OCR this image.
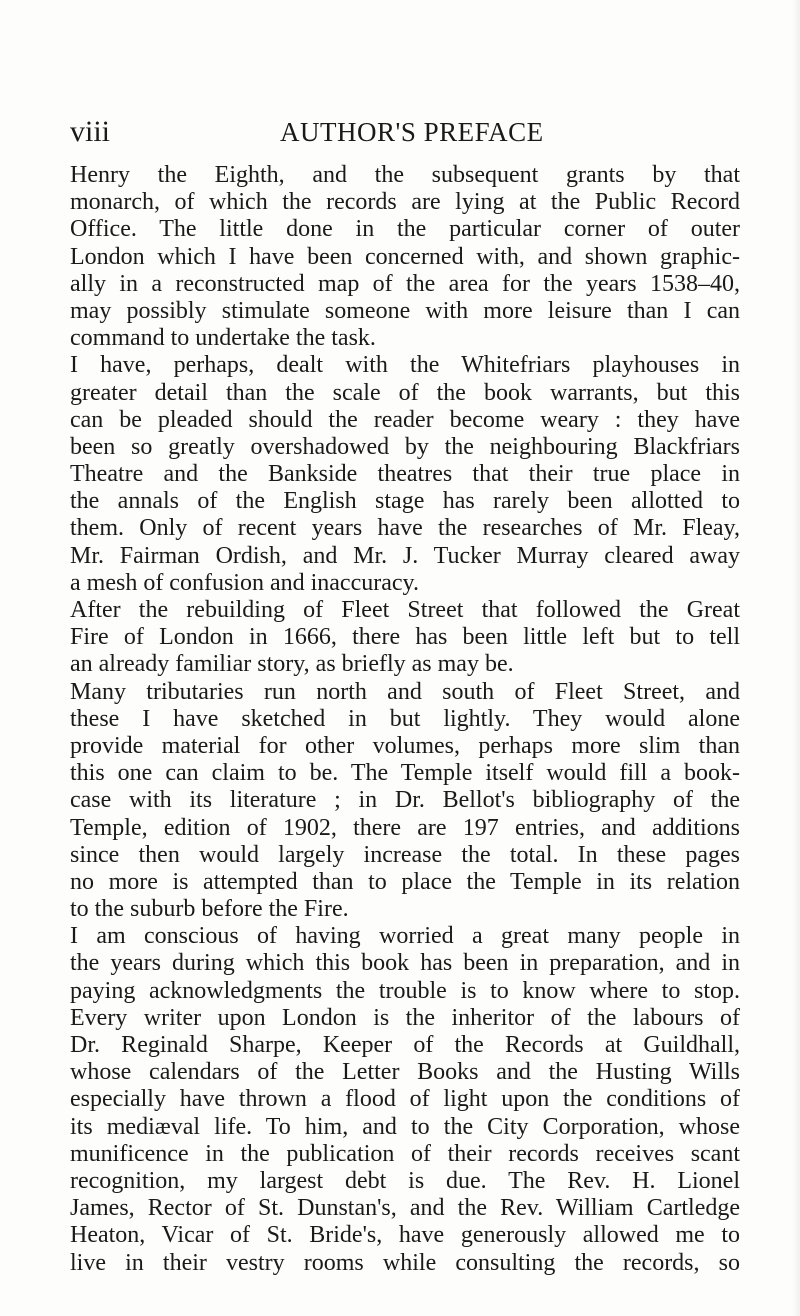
viii	AUTHOR'S PREFACE
Henry the Eighth, and the subsequent grants by that
monarch, of which the records are lying at the Public Record
Office. The little done in the particular corner of outer
London which I have been concerned with, and shown graphic-
ally in a reconstructed map of the area for the years 1538–40,
may possibly stimulate someone with more leisure than I can
command to undertake the task.
I have, perhaps, dealt with the Whitefriars playhouses in
greater detail than the scale of the book warrants, but this
can be pleaded should the reader become weary : they have
been so greatly overshadowed by the neighbouring Blackfriars
Theatre and the Bankside theatres that their true place in
the annals of the English stage has rarely been allotted to
them. Only of recent years have the researches of Mr. Fleay,
Mr. Fairman Ordish, and Mr. J. Tucker Murray cleared away
a mesh of confusion and inaccuracy.
After the rebuilding of Fleet Street that followed the Great
Fire of London in 1666, there has been little left but to tell
an already familiar story, as briefly as may be.
Many tributaries run north and south of Fleet Street, and
these I have sketched in but lightly. They would alone
provide material for other volumes, perhaps more slim than
this one can claim to be. The Temple itself would fill a book-
case with its literature ; in Dr. Bellot's bibliography of the
Temple, edition of 1902, there are 197 entries, and additions
since then would largely increase the total. In these pages
no more is attempted than to place the Temple in its relation
to the suburb before the Fire.
I am conscious of having worried a great many people in
the years during which this book has been in preparation, and in
paying acknowledgments the trouble is to know where to stop.
Every writer upon London is the inheritor of the labours of
Dr. Reginald Sharpe, Keeper of the Records at Guildhall,
whose calendars of the Letter Books and the Husting Wills
especially have thrown a flood of light upon the conditions of
its mediæval life. To him, and to the City Corporation, whose
munificence in the publication of their records receives scant
recognition, my largest debt is due. The Rev. H. Lionel
James, Rector of St. Dunstan's, and the Rev. William Cartledge
Heaton, Vicar of St. Bride's, have generously allowed me to
live in their vestry rooms while consulting the records, so
